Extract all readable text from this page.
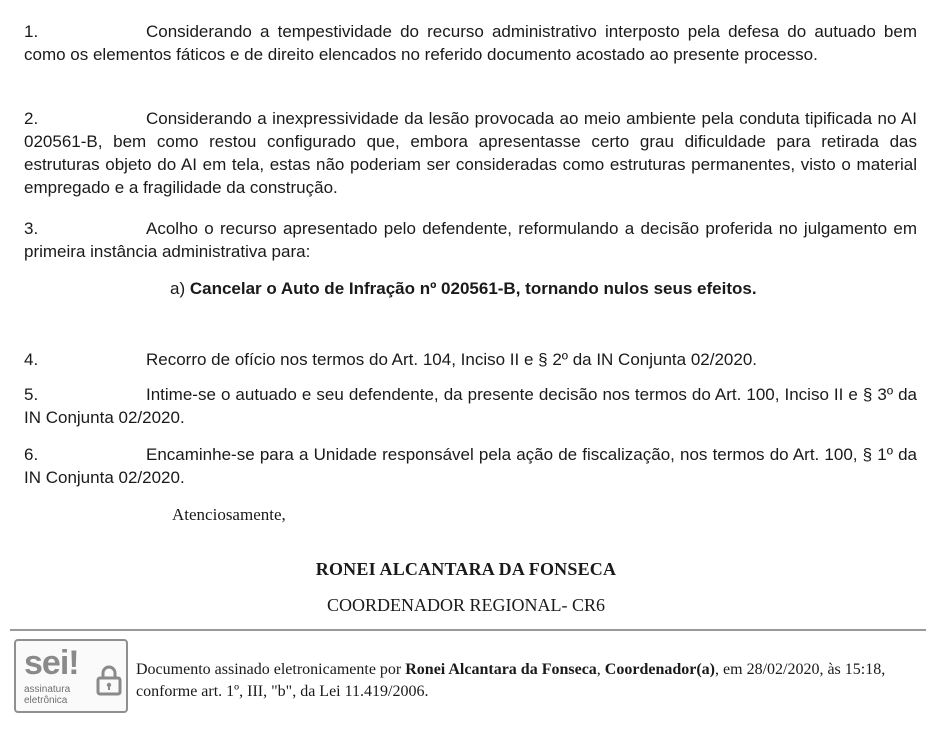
1.	Considerando a tempestividade do recurso administrativo interposto pela defesa do autuado bem como os elementos fáticos e de direito elencados no referido documento acostado ao presente processo.

2.	Considerando a inexpressividade da lesão provocada ao meio ambiente pela conduta tipificada no AI 020561-B, bem como restou configurado que, embora apresentasse certo grau dificuldade para retirada das estruturas objeto do AI em tela, estas não poderiam ser consideradas como estruturas permanentes, visto o material empregado e a fragilidade da construção.

3.	Acolho o recurso apresentado pelo defendente, reformulando a decisão proferida no julgamento em primeira instância administrativa para:

a) Cancelar o Auto de Infração nº 020561-B, tornando nulos seus efeitos.

4.	Recorro de ofício nos termos do Art. 104, Inciso II e § 2º da IN Conjunta 02/2020.

5.	Intime-se o autuado e seu defendente, da presente decisão nos termos do Art. 100, Inciso II e § 3º da IN Conjunta 02/2020.

6.	Encaminhe-se para a Unidade responsável pela ação de fiscalização, nos termos do Art. 100, § 1º da IN Conjunta 02/2020.

Atenciosamente,
RONEI ALCANTARA DA FONSECA
COORDENADOR REGIONAL- CR6
sei!
assinatura
eletrônica
Documento assinado eletronicamente por Ronei Alcantara da Fonseca, Coordenador(a), em 28/02/2020, às 15:18, conforme art. 1º, III, "b", da Lei 11.419/2006.
